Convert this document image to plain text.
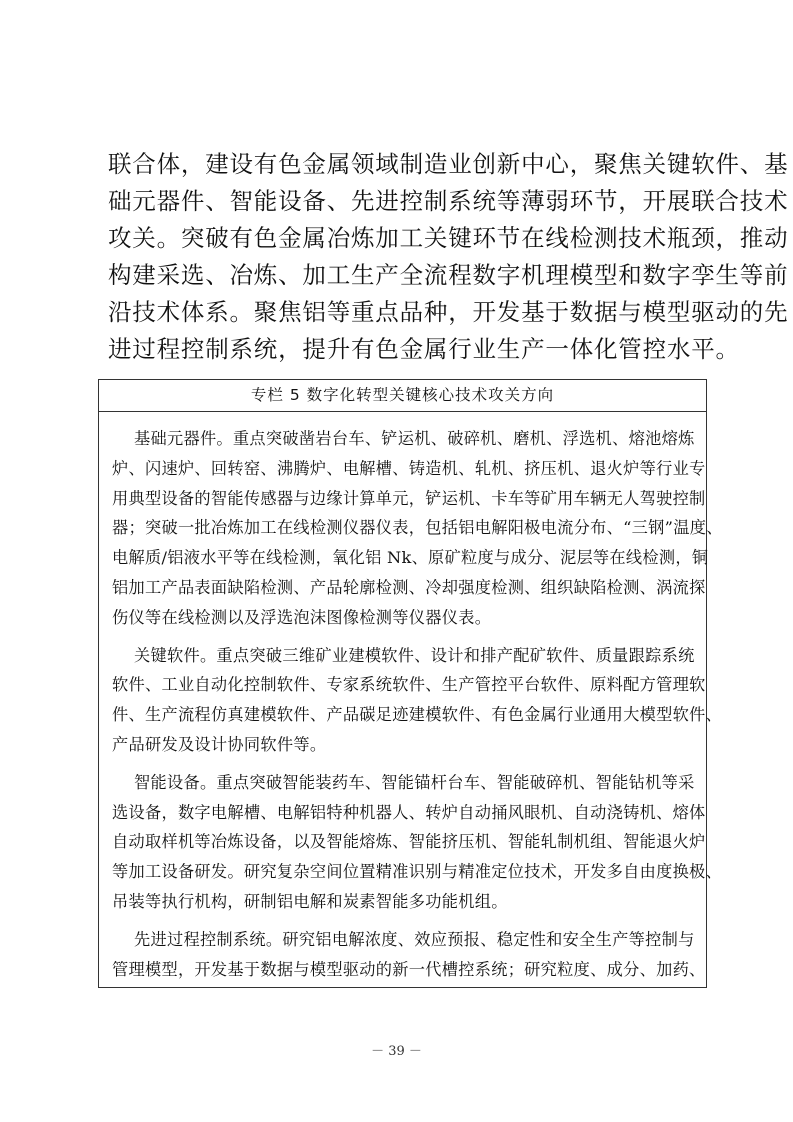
联合体，建设有色金属领域制造业创新中心，聚焦关键软件、基
础元器件、智能设备、先进控制系统等薄弱环节，开展联合技术
攻关。突破有色金属冶炼加工关键环节在线检测技术瓶颈，推动
构建采选、冶炼、加工生产全流程数字机理模型和数字孪生等前
沿技术体系。聚焦铝等重点品种，开发基于数据与模型驱动的先
进过程控制系统，提升有色金属行业生产一体化管控水平。
专栏 5 数字化转型关键核心技术攻关方向
基础元器件。重点突破凿岩台车、铲运机、破碎机、磨机、浮选机、熔池熔炼
炉、闪速炉、回转窑、沸腾炉、电解槽、铸造机、轧机、挤压机、退火炉等行业专
用典型设备的智能传感器与边缘计算单元，铲运机、卡车等矿用车辆无人驾驶控制
器；突破一批冶炼加工在线检测仪器仪表，包括铝电解阳极电流分布、“三钢”温度、
电解质/铝液水平等在线检测，氧化铝 Nk、原矿粒度与成分、泥层等在线检测，铜
铝加工产品表面缺陷检测、产品轮廓检测、冷却强度检测、组织缺陷检测、涡流探
伤仪等在线检测以及浮选泡沫图像检测等仪器仪表。
关键软件。重点突破三维矿业建模软件、设计和排产配矿软件、质量跟踪系统
软件、工业自动化控制软件、专家系统软件、生产管控平台软件、原料配方管理软
件、生产流程仿真建模软件、产品碳足迹建模软件、有色金属行业通用大模型软件、
产品研发及设计协同软件等。
智能设备。重点突破智能装药车、智能锚杆台车、智能破碎机、智能钻机等采
选设备，数字电解槽、电解铝特种机器人、转炉自动捅风眼机、自动浇铸机、熔体
自动取样机等冶炼设备，以及智能熔炼、智能挤压机、智能轧制机组、智能退火炉
等加工设备研发。研究复杂空间位置精准识别与精准定位技术，开发多自由度换极、
吊装等执行机构，研制铝电解和炭素智能多功能机组。
先进过程控制系统。研究铝电解浓度、效应预报、稳定性和安全生产等控制与
管理模型，开发基于数据与模型驱动的新一代槽控系统；研究粒度、成分、加药、
－ 39 －
